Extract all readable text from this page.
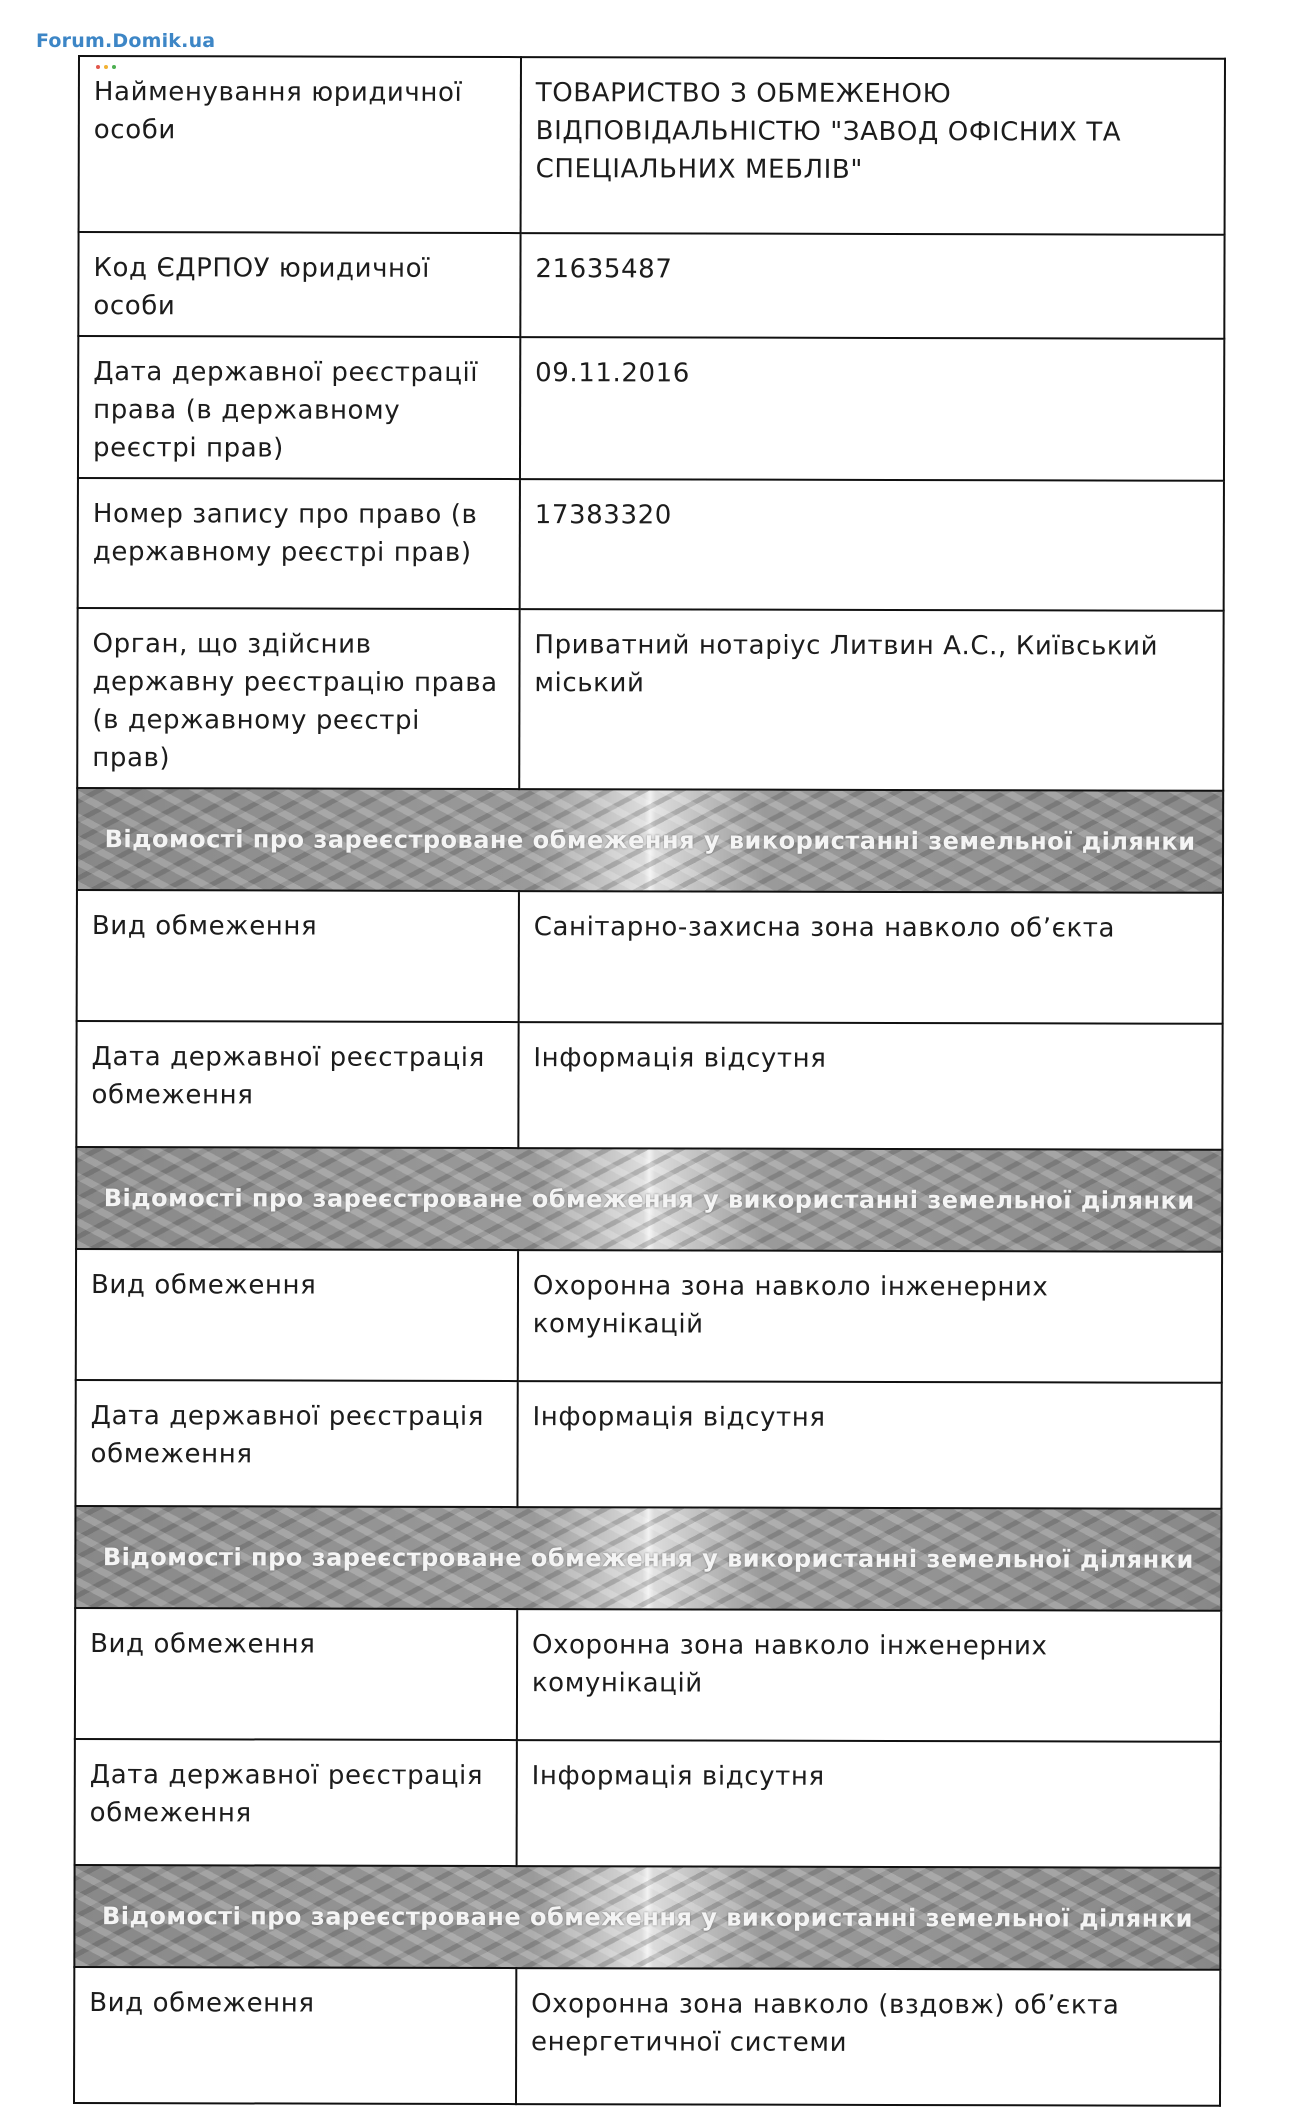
Forum.Domik.ua
Найменування юридичної особи	ТОВАРИСТВО З ОБМЕЖЕНОЮ ВІДПОВІДАЛЬНІСТЮ "ЗАВОД ОФІСНИХ ТА СПЕЦІАЛЬНИХ МЕБЛІВ"
Код ЄДРПОУ юридичної особи	21635487
Дата державної реєстрації права (в державному реєстрі прав)	09.11.2016
Номер запису про право (в державному реєстрі прав)	17383320
Орган, що здійснив державну реєстрацію права (в державному реєстрі прав)	Приватний нотаріус Литвин А.С., Київський міський
Відомості про зареєстроване обмеження у використанні земельної ділянки	
Вид обмеження	Санітарно-захисна зона навколо об’єкта
Дата державної реєстрація обмеження	Інформація відсутня
Відомості про зареєстроване обмеження у використанні земельної ділянки	
Вид обмеження	Охоронна зона навколо інженерних комунікацій
Дата державної реєстрація обмеження	Інформація відсутня
Відомості про зареєстроване обмеження у використанні земельної ділянки	
Вид обмеження	Охоронна зона навколо інженерних комунікацій
Дата державної реєстрація обмеження	Інформація відсутня
Відомості про зареєстроване обмеження у використанні земельної ділянки	
Вид обмеження	Охоронна зона навколо (вздовж) об’єкта енергетичної системи
